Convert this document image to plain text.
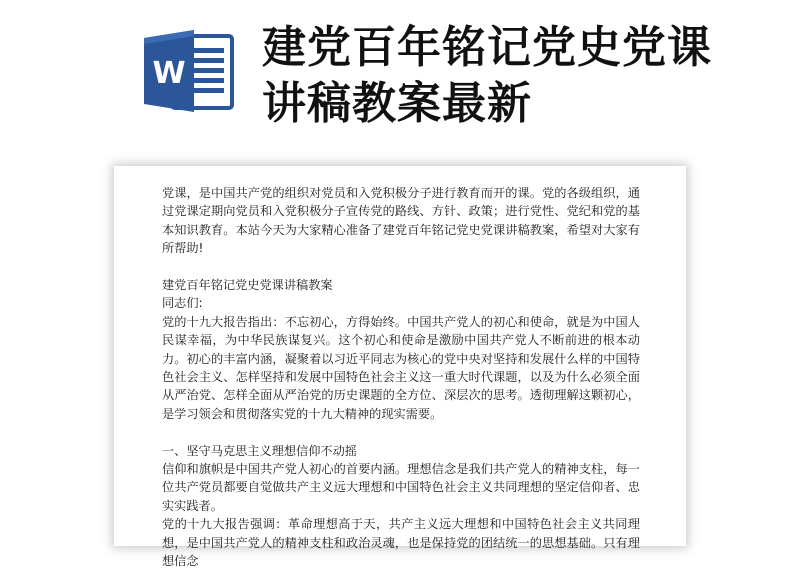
W
建党百年铭记党史党课讲稿教案最新

党课，是中国共产党的组织对党员和入党积极分子进行教育而开的课。党的各级组织，通过党课定期向党员和入党积极分子宣传党的路线、方针、政策；进行党性、党纪和党的基本知识教育。本站今天为大家精心准备了建党百年铭记党史党课讲稿教案，希望对大家有所帮助!

建党百年铭记党史党课讲稿教案

同志们:

党的十九大报告指出：不忘初心，方得始终。中国共产党人的初心和使命，就是为中国人民谋幸福，为中华民族谋复兴。这个初心和使命是激励中国共产党人不断前进的根本动力。初心的丰富内涵，凝聚着以习近平同志为核心的党中央对坚持和发展什么样的中国特色社会主义、怎样坚持和发展中国特色社会主义这一重大时代课题，以及为什么必须全面从严治党、怎样全面从严治党的历史课题的全方位、深层次的思考。透彻理解这颗初心，是学习领会和贯彻落实党的十九大精神的现实需要。

一、坚守马克思主义理想信仰不动摇

信仰和旗帜是中国共产党人初心的首要内涵。理想信念是我们共产党人的精神支柱，每一位共产党员都要自觉做共产主义远大理想和中国特色社会主义共同理想的坚定信仰者、忠实实践者。

党的十九大报告强调：革命理想高于天，共产主义远大理想和中国特色社会主义共同理想，是中国共产党人的精神支柱和政治灵魂，也是保持党的团结统一的思想基础。只有理想信念
